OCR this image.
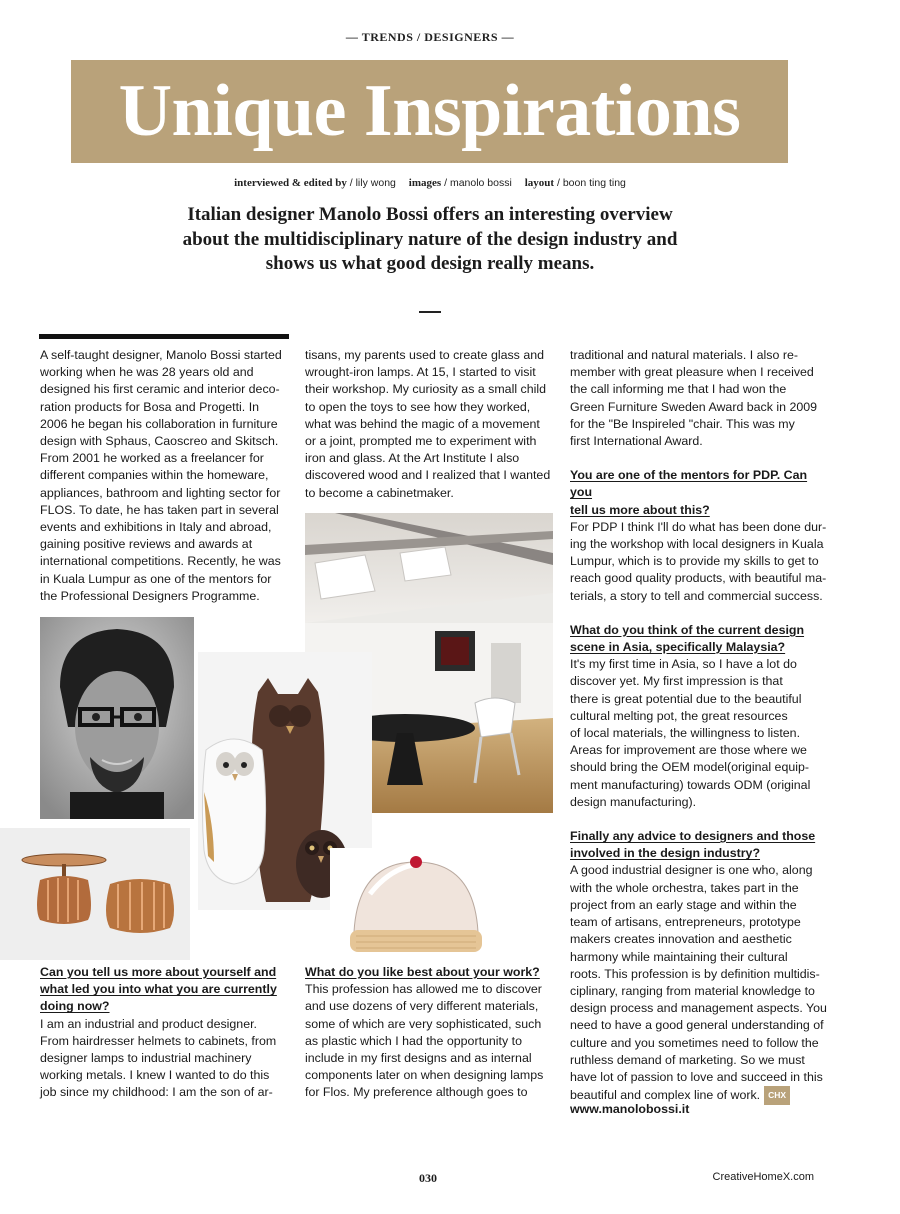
— TRENDS / DESIGNERS —
Unique Inspirations
interviewed & edited by / lily wong images / manolo bossi layout / boon ting ting
Italian designer Manolo Bossi offers an interesting overview
about the multidisciplinary nature of the design industry and
shows us what good design really means.

A self-taught designer, Manolo Bossi started

working when he was 28 years old and

designed his first ceramic and interior deco-

ration products for Bosa and Progetti. In

2006 he began his collaboration in furniture

design with Sphaus, Caoscreo and Skitsch.

From 2001 he worked as a freelancer for

different companies within the homeware,

appliances, bathroom and lighting sector for

FLOS. To date, he has taken part in several

events and exhibitions in Italy and abroad,

gaining positive reviews and awards at

international competitions. Recently, he was

in Kuala Lumpur as one of the mentors for

the Professional Designers Programme.

Can you tell us more about yourself and

what led you into what you are currently

doing now?

I am an industrial and product designer.

From hairdresser helmets to cabinets, from

designer lamps to industrial machinery

working metals. I knew I wanted to do this

job since my childhood: I am the son of ar-

tisans, my parents used to create glass and

wrought-iron lamps. At 15, I started to visit

their workshop. My curiosity as a small child

to open the toys to see how they worked,

what was behind the magic of a movement

or a joint, prompted me to experiment with

iron and glass. At the Art Institute I also

discovered wood and I realized that I wanted

to become a cabinetmaker.

What do you like best about your work?

This profession has allowed me to discover

and use dozens of very different materials,

some of which are very sophisticated, such

as plastic which I had the opportunity to

include in my first designs and as internal

components later on when designing lamps

for Flos. My preference although goes to

traditional and natural materials. I also re-

member with great pleasure when I received

the call informing me that I had won the

Green Furniture Sweden Award back in 2009

for the "Be Inspireled "chair. This was my

first International Award.

You are one of the mentors for PDP. Can you

tell us more about this?

For PDP I think I'll do what has been done dur-

ing the workshop with local designers in Kuala

Lumpur, which is to provide my skills to get to

reach good quality products, with beautiful ma-

terials, a story to tell and commercial success.

What do you think of the current design

scene in Asia, specifically Malaysia?

It's my first time in Asia, so I have a lot do

discover yet. My first impression is that

there is great potential due to the beautiful

cultural melting pot, the great resources

of local materials, the willingness to listen.

Areas for improvement are those where we

should bring the OEM model(original equip-

ment manufacturing) towards ODM (original

design manufacturing).

Finally any advice to designers and those

involved in the design industry?

A good industrial designer is one who, along

with the whole orchestra, takes part in the

project from an early stage and within the

team of artisans, entrepreneurs, prototype

makers creates innovation and aesthetic

harmony while maintaining their cultural

roots. This profession is by definition multidis-

ciplinary, ranging from material knowledge to

design process and management aspects. You

need to have a good general understanding of

culture and you sometimes need to follow the

ruthless demand of marketing. So we must

have lot of passion to love and succeed in this

beautiful and complex line of work. CHX

www.manolobossi.it
030	CreativeHomeX.com
